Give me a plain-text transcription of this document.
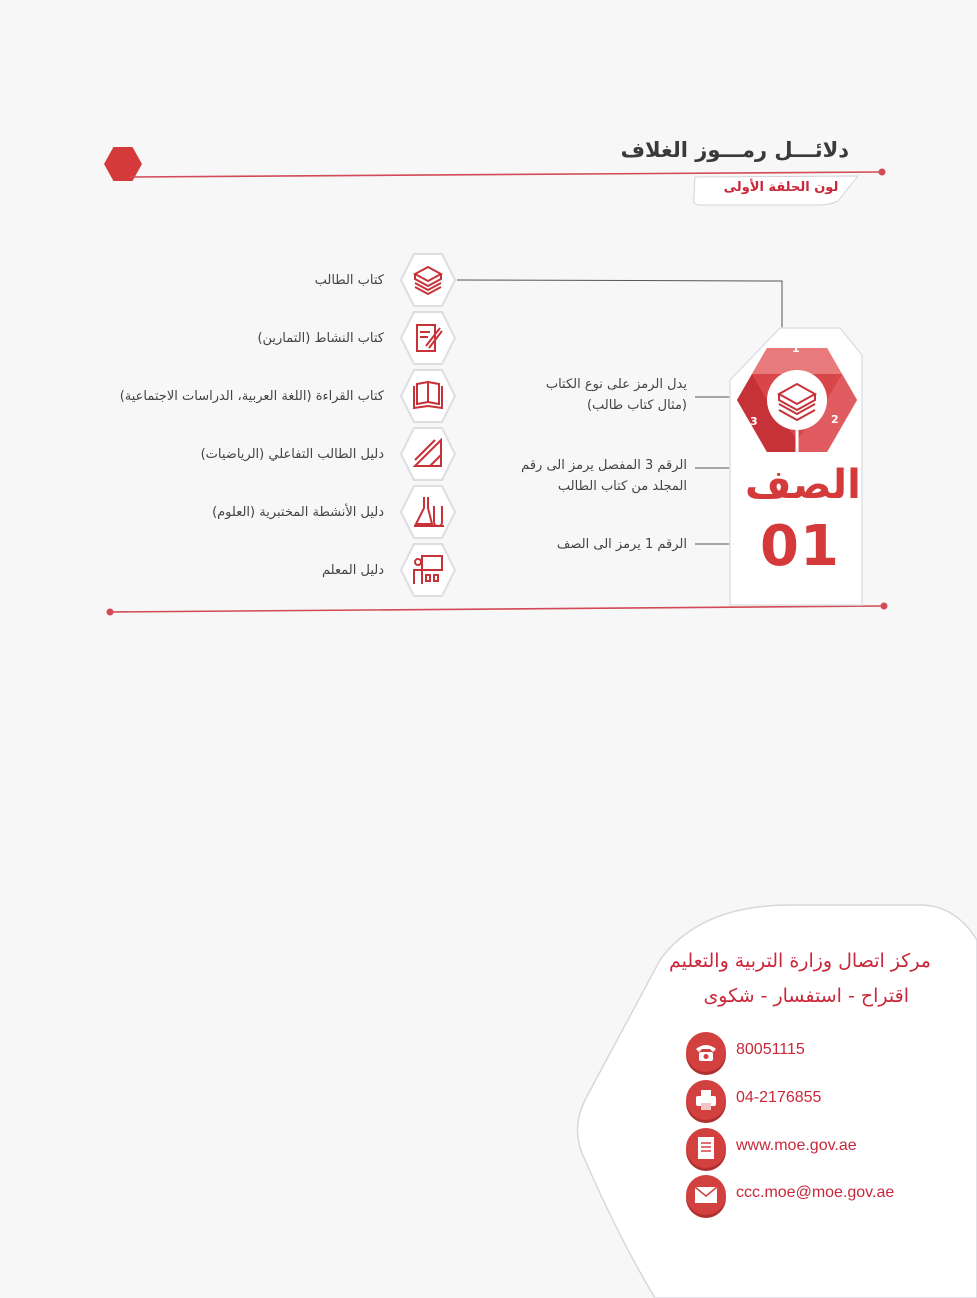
دلائـــل رمـــوز الغلاف
لون الحلقة الأولى
1
2
3
الصف
01
كتاب الطالب
كتاب النشاط (التمارين)
كتاب القراءة (اللغة العربية، الدراسات الاجتماعية)
دليل الطالب التفاعلي (الرياضيات)
دليل الأنشطة المختبرية (العلوم)
دليل المعلم
يدل الرمز على نوع الكتاب
(مثال كتاب طالب)
الرقم 3 المفصل يرمز الى رقم
المجلد من كتاب الطالب
الرقم 1 يرمز الى الصف
مركز اتصال وزارة التربية والتعليم
اقتراح - استفسار - شكوى
80051115
04-2176855
www.moe.gov.ae
ccc.moe@moe.gov.ae
